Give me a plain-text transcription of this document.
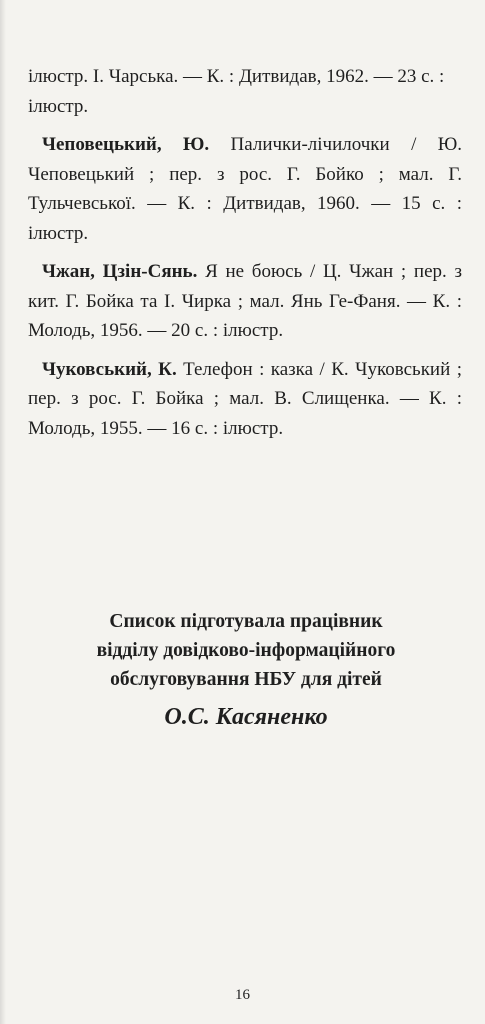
ілюстр. І. Чарська. — К. : Дитвидав, 1962. — 23 с. : ілюстр.

Чеповецький, Ю. Палички-лічилочки / Ю. Чеповецький ; пер. з рос. Г. Бойко ; мал. Г. Тульчевської. — К. : Дитвидав, 1960. — 15 с. : ілюстр.

Чжан, Цзін-Сянь. Я не боюсь / Ц. Чжан ; пер. з кит. Г. Бойка та І. Чирка ; мал. Янь Ге-Фаня. — К. : Молодь, 1956. — 20 с. : ілюстр.

Чуковський, К. Телефон : казка / К. Чуковський ; пер. з рос. Г. Бойка ; мал. В. Слищенка. — К. : Молодь, 1955. — 16 с. : ілюстр.

Список підготувала працівник
відділу довідково-інформаційного
обслуговування НБУ для дітей
О.С. Касяненко
16
